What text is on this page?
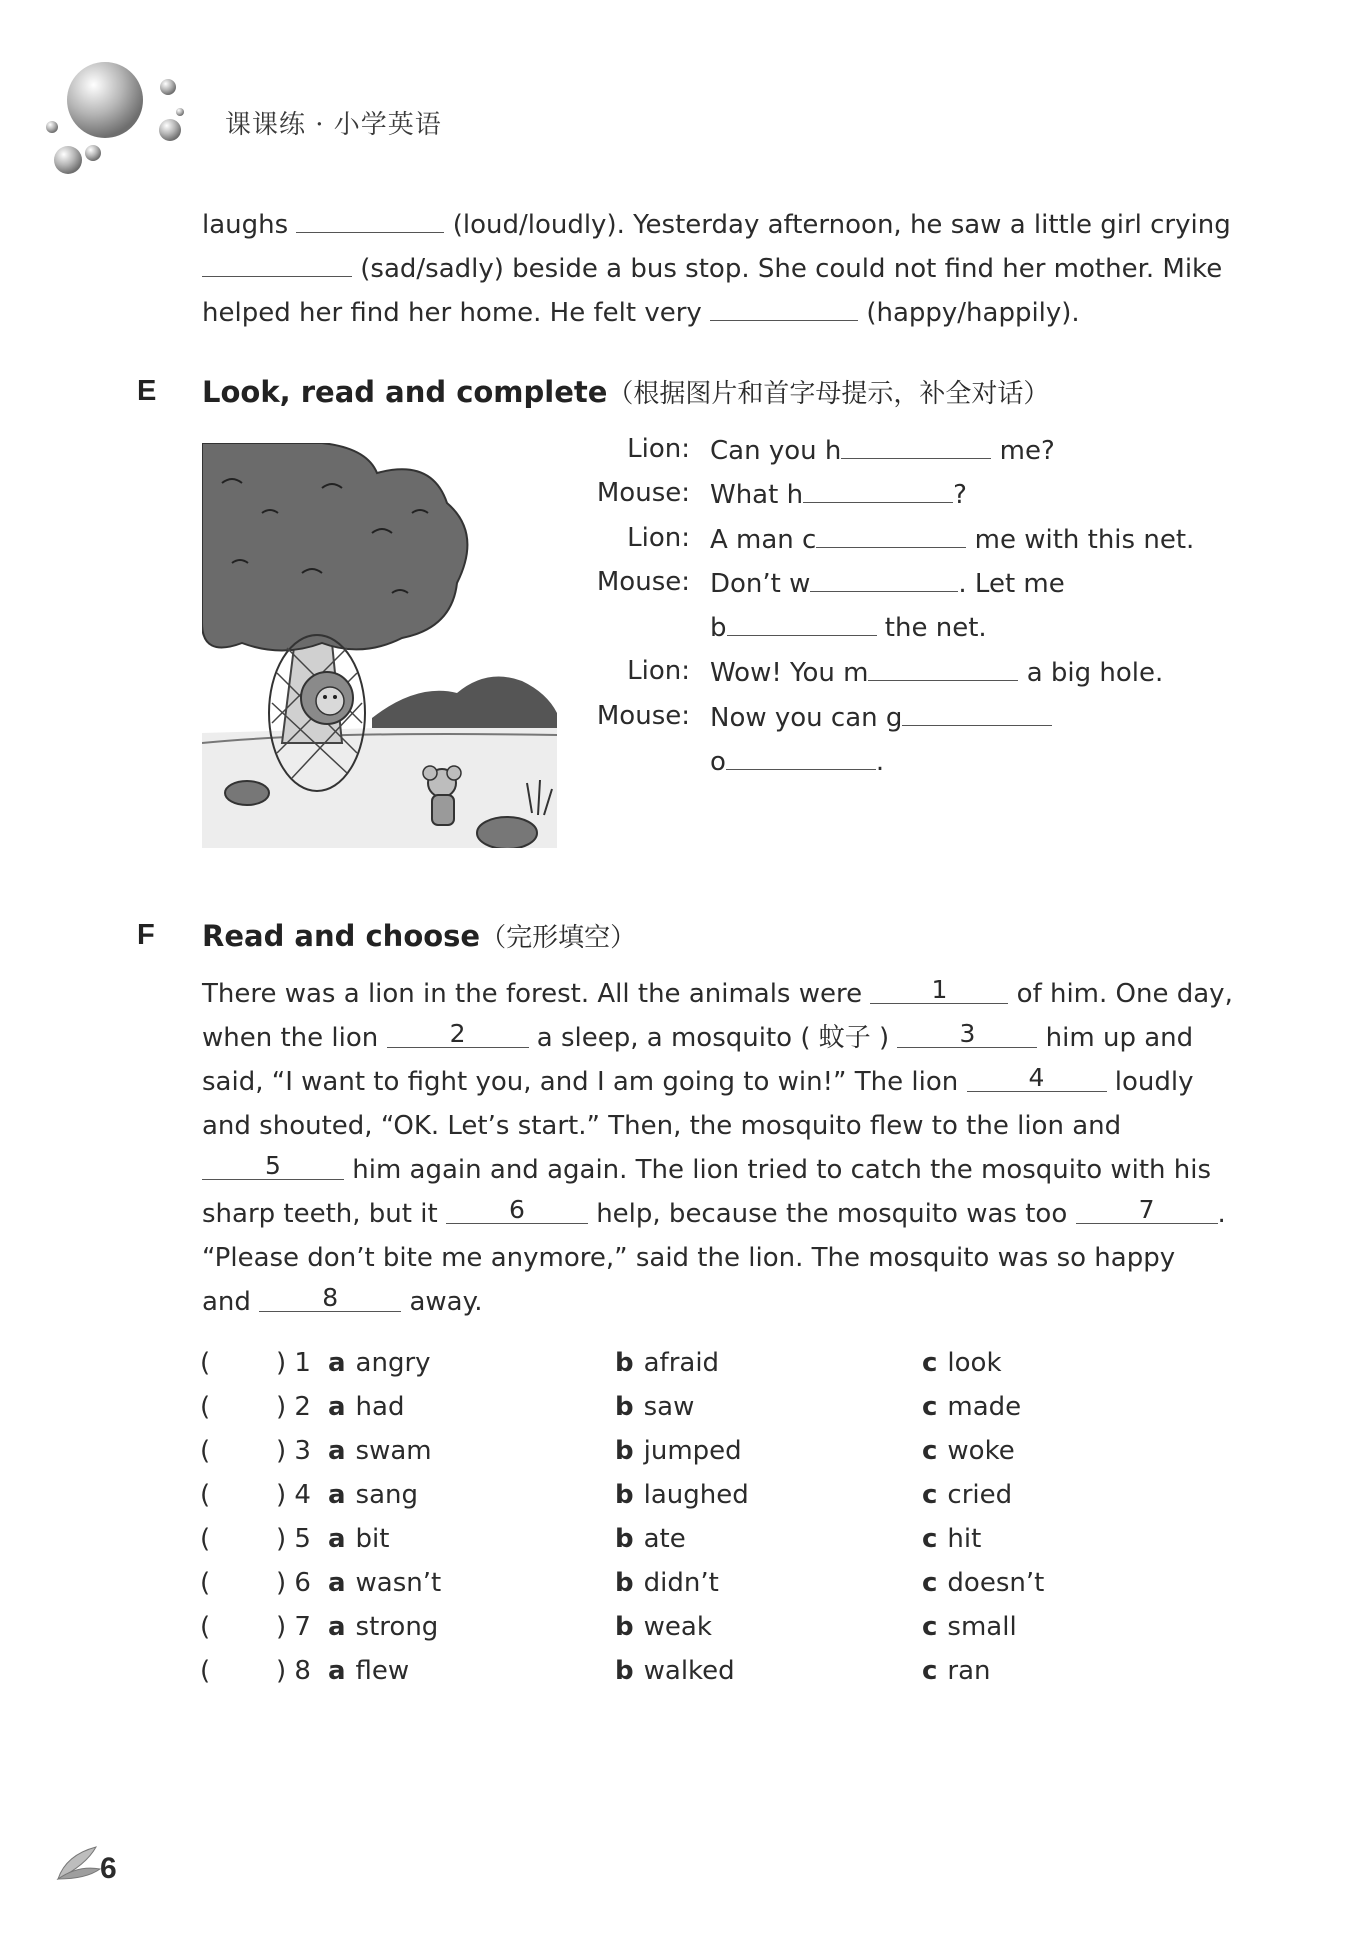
课课练 · 小学英语
laughs	(loud/loudly). Yesterday afternoon, he saw a little girl crying
(sad/sadly) beside a bus stop. She could not find her mother. Mike
helped her find her home. He felt very	(happy/happily).
E Look, read and complete（根据图片和首字母提示，补全对话）
Lion: Can you h	me?
Mouse: What h	?
Lion: A man c	me with this net.
Mouse: Don’t w	. Let me
b	the net.
Lion: Wow! You m	a big hole.
Mouse: Now you can g
o	.
F Read and choose（完形填空）
There was a lion in the forest. All the animals were 1 of him. One day,
when the lion	2 a sleep, a mosquito ( 蚊子 ) 3 him up and
said, “I want to fight you, and I am going to win!” The lion 4 loudly
and shouted, “OK. Let’s start.” Then, the mosquito flew to the lion and
5 him again and again. The lion tried to catch the mosquito with his
sharp teeth, but it	6 help, because the mosquito was too	7 .
“Please don’t bite me anymore,” said the lion. The mosquito was so happy
and	8 away.
(	) 1 a angry	b afraid	c look
(	) 2 a had	b saw	c made
(	) 3 a swam	b jumped	c woke
(	) 4 a sang	b laughed	c cried
(	) 5 a bit	b ate	c hit
(	) 6 a wasn’t	b didn’t	c doesn’t
(	) 7 a strong	b weak	c small
(	) 8 a flew	b walked	c ran
6
